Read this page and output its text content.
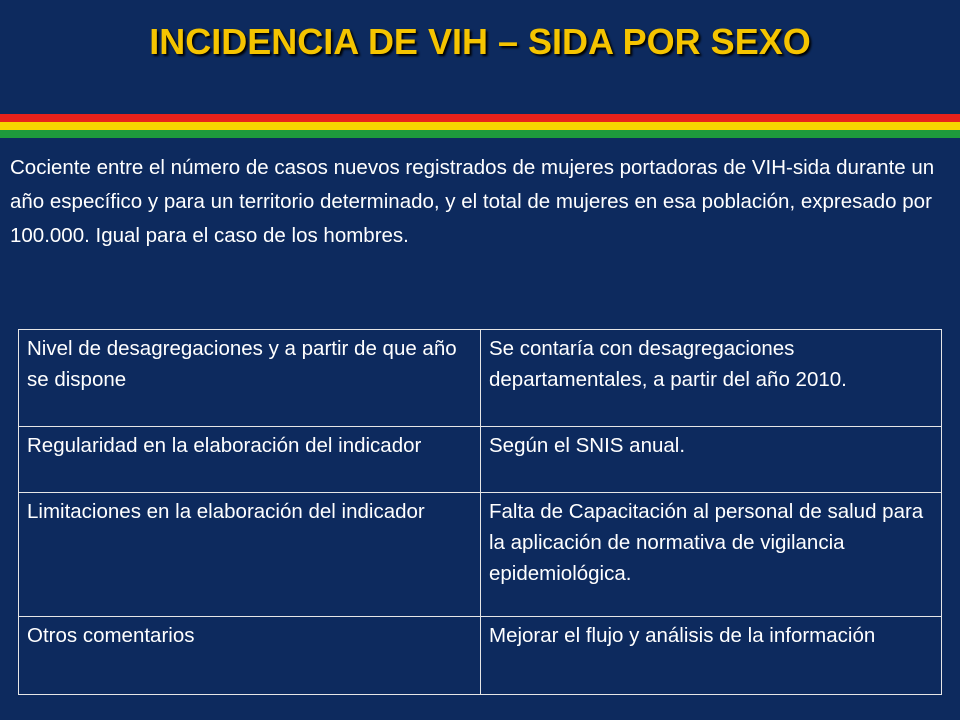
INCIDENCIA DE VIH – SIDA POR SEXO

Cociente entre el número de casos nuevos registrados de mujeres portadoras de VIH-sida durante un año específico y para un territorio determinado, y el total de mujeres en esa población, expresado por 100.000. Igual para el caso de los hombres.

Nivel de desagregaciones y a partir de que año se dispone	Se contaría con desagregaciones departamentales, a partir del año 2010.
Regularidad en la elaboración del indicador	Según el SNIS anual.
Limitaciones en la elaboración del indicador	Falta de Capacitación al personal de salud para la aplicación de normativa de vigilancia epidemiológica.
Otros comentarios	Mejorar el flujo y análisis de la información
